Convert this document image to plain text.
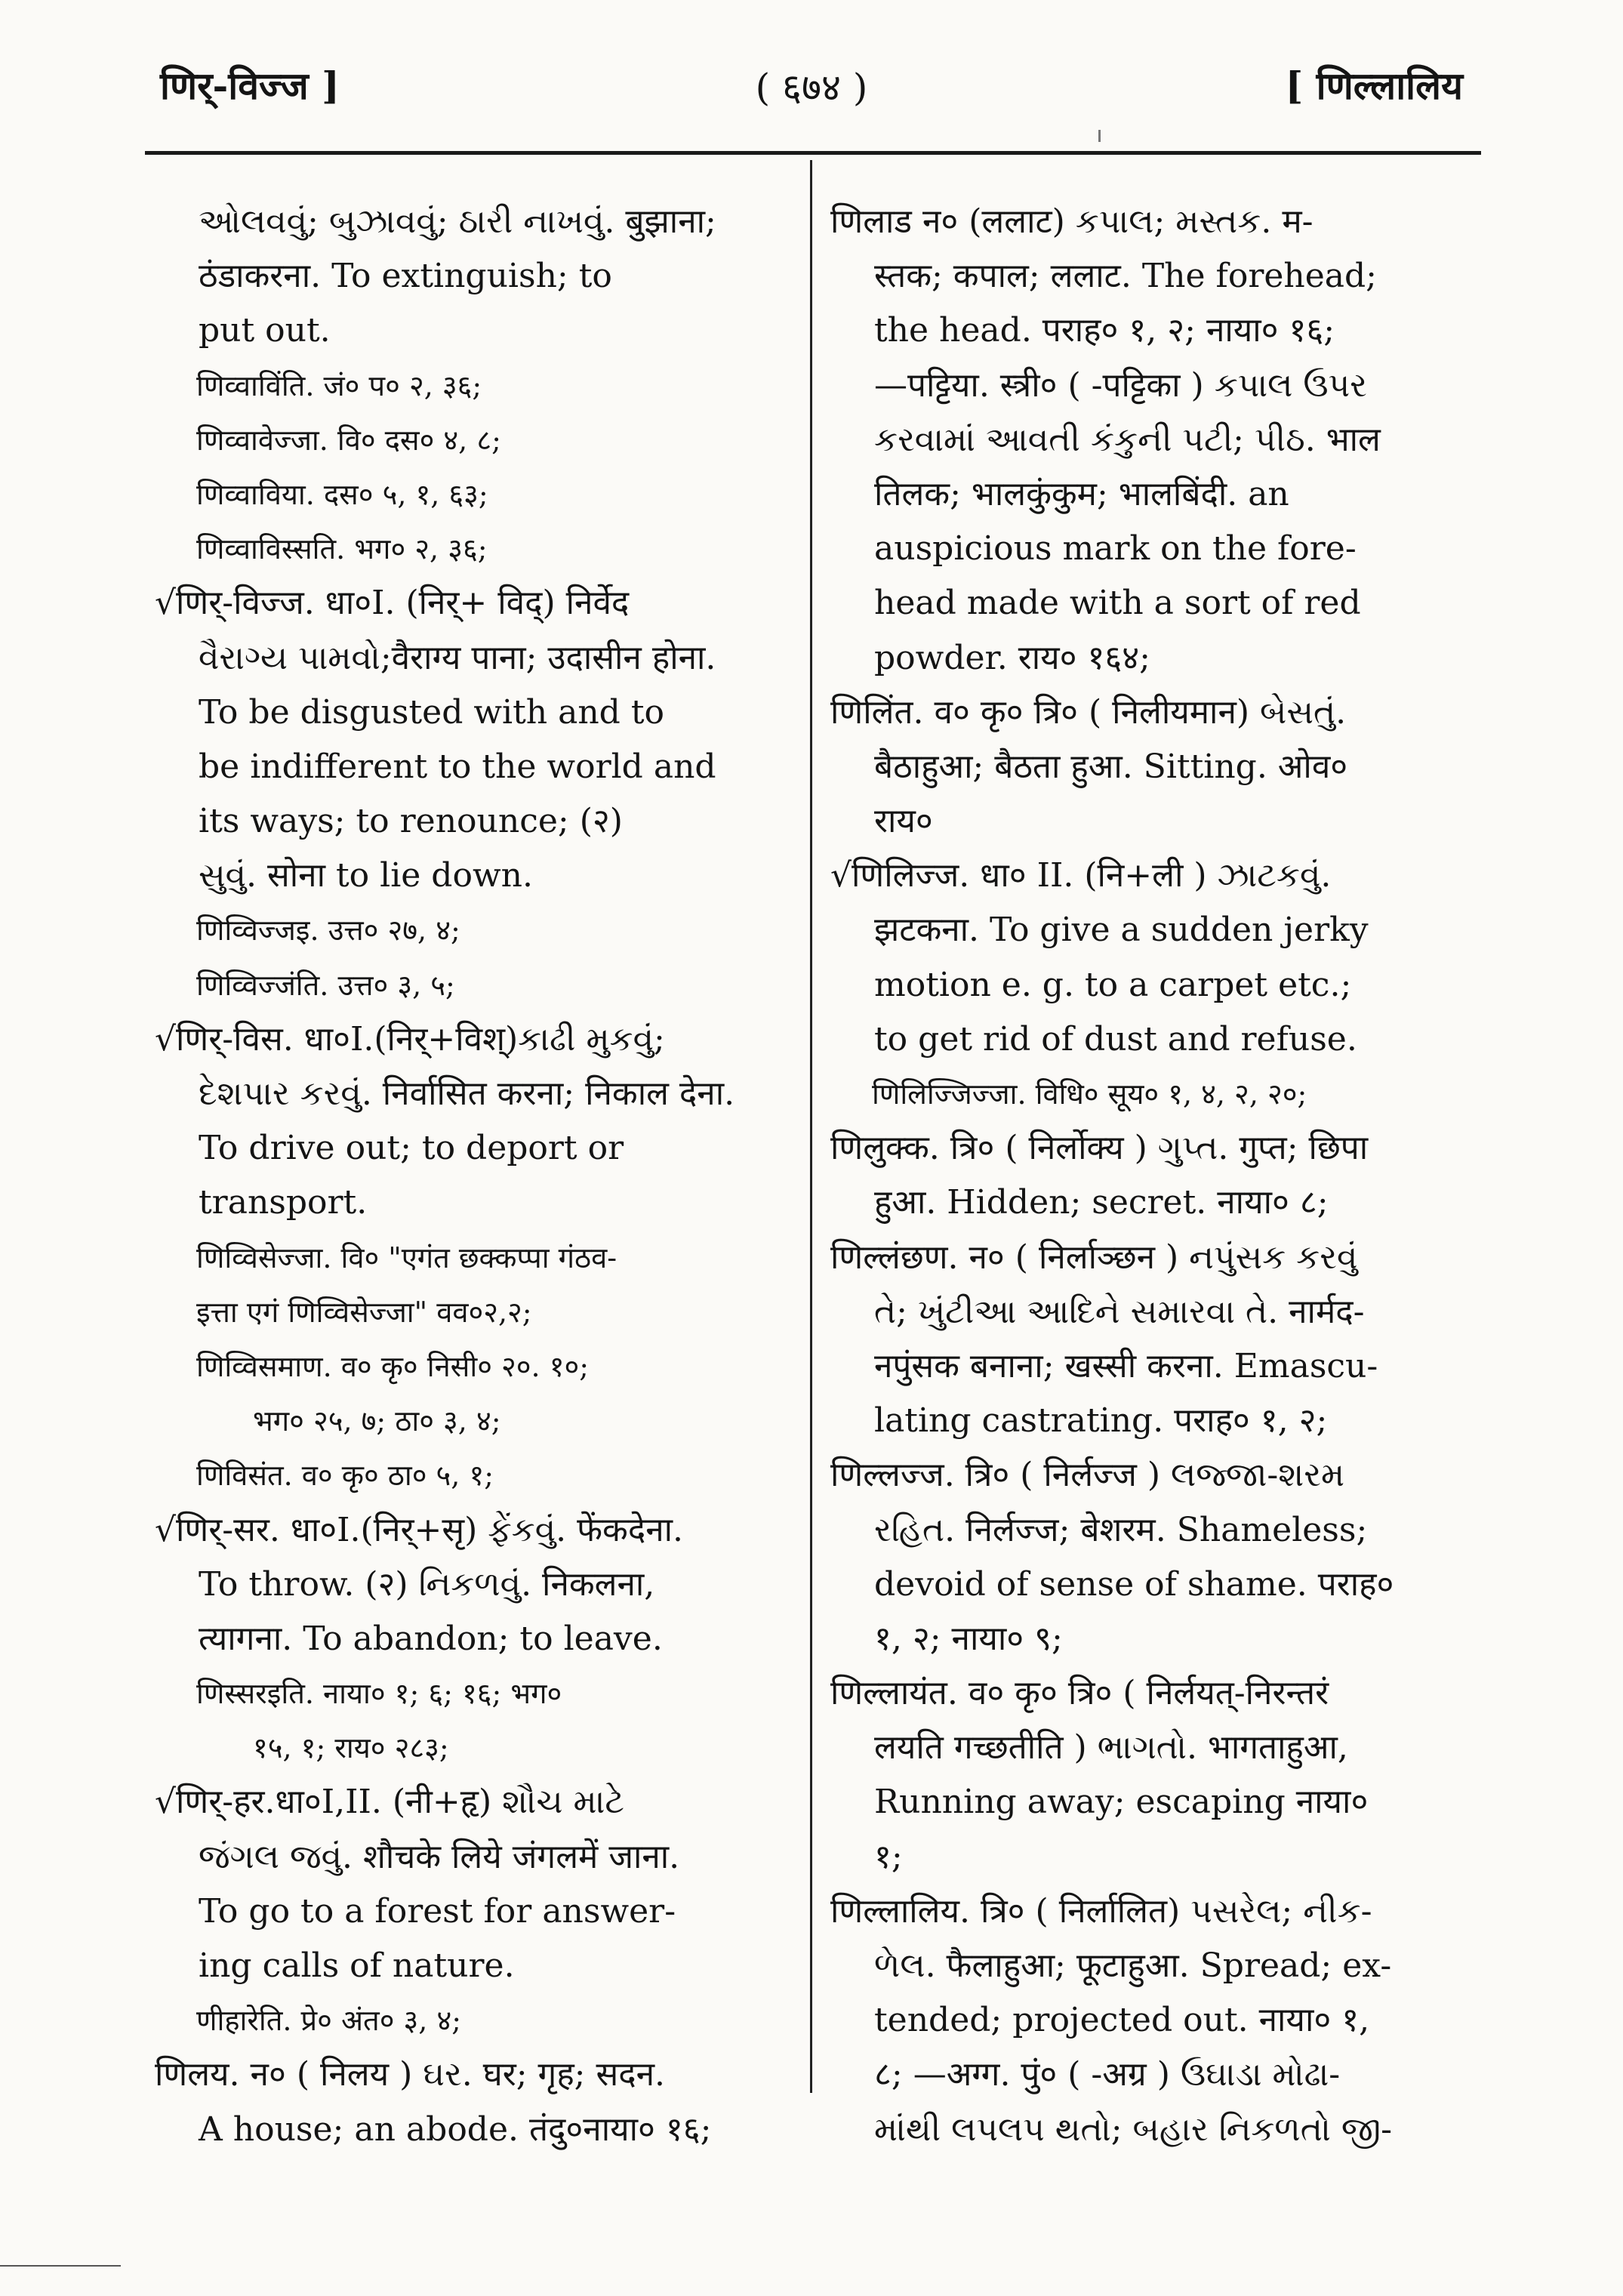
णिर्-विज्ज ]	( ६७४ )	[ णिल्लालिय
ઓલવવું; બુઝાવવું; ઠારી નાખવું. बुझाना;
ठंडाकरना. To extinguish; to
put out.
णिव्वाविंति. जं० प० २, ३६;
णिव्वावेज्जा. वि० दस० ४, ८;
णिव्वाविया. दस० ५, १, ६३;
णिव्वाविस्सति. भग० २, ३६;
√णिर्-विज्ज. धा०I. (निर्+ विद्) निर्वेद
વૈરાગ્ય પામવો;वैराग्य पाना; उदासीन होना.
To be disgusted with and to
be indifferent to the world and
its ways; to renounce; (२)
સુવું. सोना to lie down.
णिव्विज्जइ. उत्त० २७, ४;
णिव्विज्जंति. उत्त० ३, ५;
√णिर्-विस. धा०I.(निर्+विश्)કાઢી મુકવું;
દેશપાર કરવું. निर्वासित करना; निकाल देना.
To drive out; to deport or
transport.
णिव्विसेज्जा. वि० "एगंत छक्कप्पा गंठव-
इत्ता एगं णिव्विसेज्जा" वव०२,२;
णिव्विसमाण. व० कृ० निसी० २०. १०;
भग० २५, ७; ठा० ३, ४;
णिविसंत. व० कृ० ठा० ५, १;
√णिर्-सर. धा०I.(निर्+सृ) ફેંકવું. फेंकदेना.
To throw. (२) નિકળવું. निकलना,
त्यागना. To abandon; to leave.
णिस्सरइति. नाया० १; ६; १६; भग०
१५, १; राय० २८३;
√णिर्-हर.धा०I,II. (नी+हृ) શૌચ માટે
જંગલ જવું. शौचके लिये जंगलमें जाना.
To go to a forest for answer-
ing calls of nature.
णीहारेति. प्रे० अंत० ३, ४;
णिलय. न० ( निलय ) ઘર. घर; गृह; सदन.
A house; an abode. तंदु०नाया० १६;
णिलाड न० (ललाट) કપાલ; મસ્તક. म-
स्तक; कपाल; ललाट. The forehead;
the head. पराह० १, २; नाया० १६;
—पट्टिया. स्त्री० ( -पट्टिका ) કપાલ ઉપર
કરવામાં આવતી કંકુની પટી; પીઠ. भाल
तिलक; भालकुंकुम; भालबिंदी. an
auspicious mark on the fore-
head made with a sort of red
powder. राय० १६४;
णिलिंत. व० कृ० त्रि० ( निलीयमान) બેસતું.
बैठाहुआ; बैठता हुआ. Sitting. ओव०
राय०
√णिलिज्ज. धा० II. (नि+ली ) ઝાટકવું.
झटकना. To give a sudden jerky
motion e. g. to a carpet etc.;
to get rid of dust and refuse.
णिलिज्जिज्जा. विधि० सूय० १, ४, २, २०;
णिलुक्क. त्रि० ( निर्लोक्य ) ગુપ્ત. गुप्त; छिपा
हुआ. Hidden; secret. नाया० ८;
णिल्लंछण. न० ( निर्लाञ्छन ) નપુંસક કરવું
તે; ખુંટીઆ આદિને સમારવા તે. नार्मद-
नपुंसक बनाना; खस्सी करना. Emascu-
lating castrating. पराह० १, २;
णिल्लज्ज. त्रि० ( निर्लज्ज ) લજ્જા-શરમ
રહિત. निर्लज्ज; बेशरम. Shameless;
devoid of sense of shame. पराह०
१, २; नाया० ९;
णिल्लायंत. व० कृ० त्रि० ( निर्लयत्-निरन्तरं
लयति गच्छतीति ) ભાગતો. भागताहुआ,
Running away; escaping नाया०
१;
णिल्लालिय. त्रि० ( निर्लालित) પસરેલ; નીક-
ળેલ. फैलाहुआ; फूटाहुआ. Spread; ex-
tended; projected out. नाया० १,
८; —अग्ग. पुं० ( -अग्र ) ઉઘાડા મોઢા-
માંથી લપલપ થતો; બહાર નિકળતો જી-
